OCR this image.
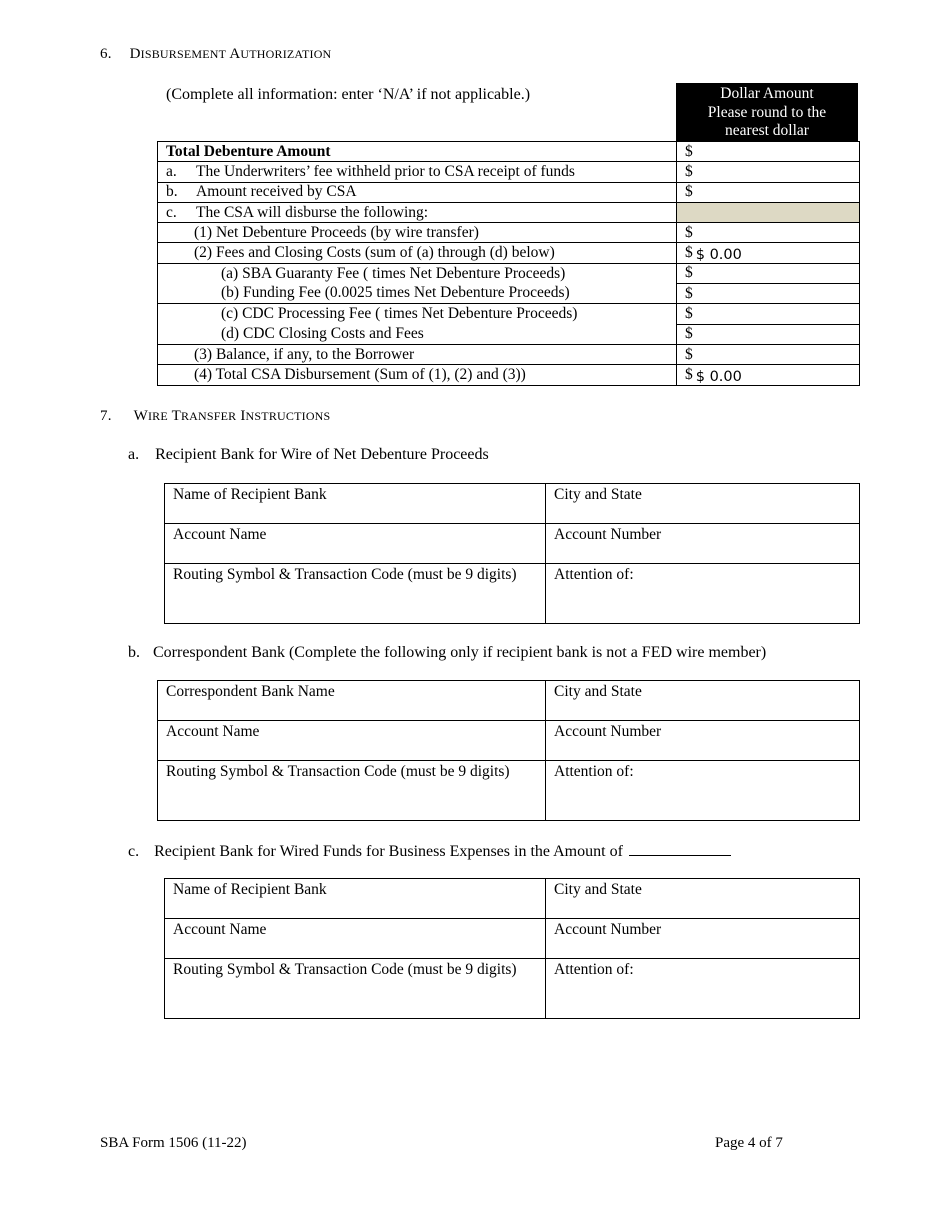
6. DISBURSEMENT AUTHORIZATION
(Complete all information: enter ‘N/A’ if not applicable.)	Dollar Amount
Please round to the
nearest dollar
Total Debenture Amount	$
a. The Underwriters’ fee withheld prior to CSA receipt of funds	$
b. Amount received by CSA	$
c. The CSA will disburse the following:	
(1) Net Debenture Proceeds (by wire transfer)	$
(2) Fees and Closing Costs (sum of (a) through (d) below)	$ $ 0.00
(a) SBA Guaranty Fee ( times Net Debenture Proceeds)	$
(b) Funding Fee (0.0025 times Net Debenture Proceeds)	$
(c) CDC Processing Fee ( times Net Debenture Proceeds)	$
(d) CDC Closing Costs and Fees	$
(3) Balance, if any, to the Borrower	$
(4) Total CSA Disbursement (Sum of (1), (2) and (3))	$ $ 0.00
7. WIRE TRANSFER INSTRUCTIONS
a. Recipient Bank for Wire of Net Debenture Proceeds
Name of Recipient Bank	City and State
Account Name	Account Number
Routing Symbol & Transaction Code (must be 9 digits)	Attention of:
b. Correspondent Bank (Complete the following only if recipient bank is not a FED wire member)
Correspondent Bank Name	City and State
Account Name	Account Number
Routing Symbol & Transaction Code (must be 9 digits)	Attention of:
c. Recipient Bank for Wired Funds for Business Expenses in the Amount of
Name of Recipient Bank	City and State
Account Name	Account Number
Routing Symbol & Transaction Code (must be 9 digits)	Attention of:
SBA Form 1506 (11-22)	Page 4 of 7
